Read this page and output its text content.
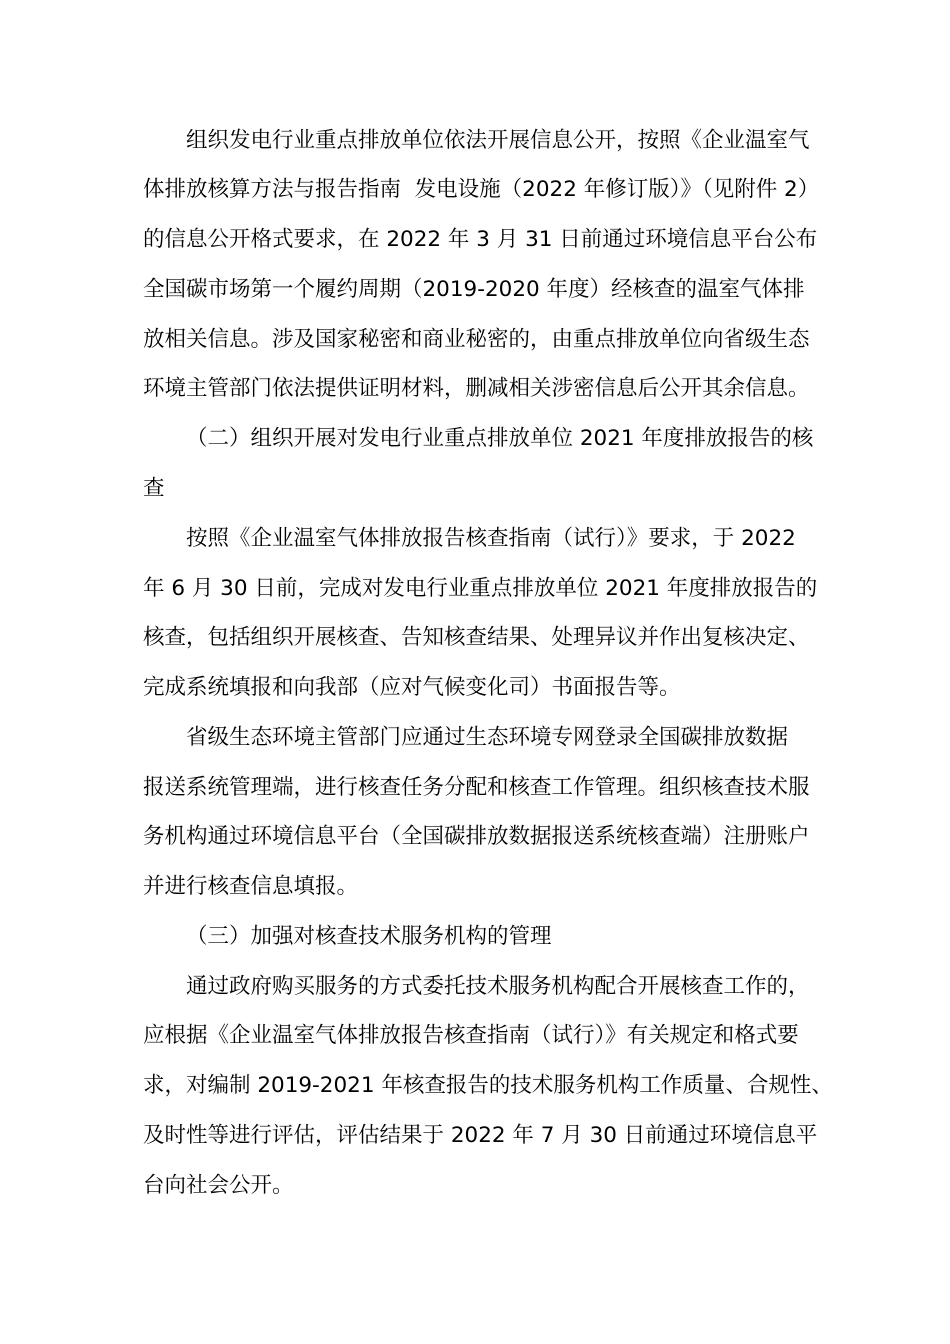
组织发电行业重点排放单位依法开展信息公开，按照《企业温室气
体排放核算方法与报告指南  发电设施（2022 年修订版）》（见附件 2）
的信息公开格式要求，在 2022 年 3 月 31 日前通过环境信息平台公布
全国碳市场第一个履约周期（2019-2020 年度）经核查的温室气体排
放相关信息。涉及国家秘密和商业秘密的，由重点排放单位向省级生态
环境主管部门依法提供证明材料，删减相关涉密信息后公开其余信息。
（二）组织开展对发电行业重点排放单位 2021 年度排放报告的核
查
按照《企业温室气体排放报告核查指南（试行）》要求，于 2022
年 6 月 30 日前，完成对发电行业重点排放单位 2021 年度排放报告的
核查，包括组织开展核查、告知核查结果、处理异议并作出复核决定、
完成系统填报和向我部（应对气候变化司）书面报告等。
省级生态环境主管部门应通过生态环境专网登录全国碳排放数据
报送系统管理端，进行核查任务分配和核查工作管理。组织核查技术服
务机构通过环境信息平台（全国碳排放数据报送系统核查端）注册账户
并进行核查信息填报。
（三）加强对核查技术服务机构的管理
通过政府购买服务的方式委托技术服务机构配合开展核查工作的，
应根据《企业温室气体排放报告核查指南（试行）》有关规定和格式要
求，对编制 2019-2021 年核查报告的技术服务机构工作质量、合规性、
及时性等进行评估，评估结果于 2022 年 7 月 30 日前通过环境信息平
台向社会公开。
